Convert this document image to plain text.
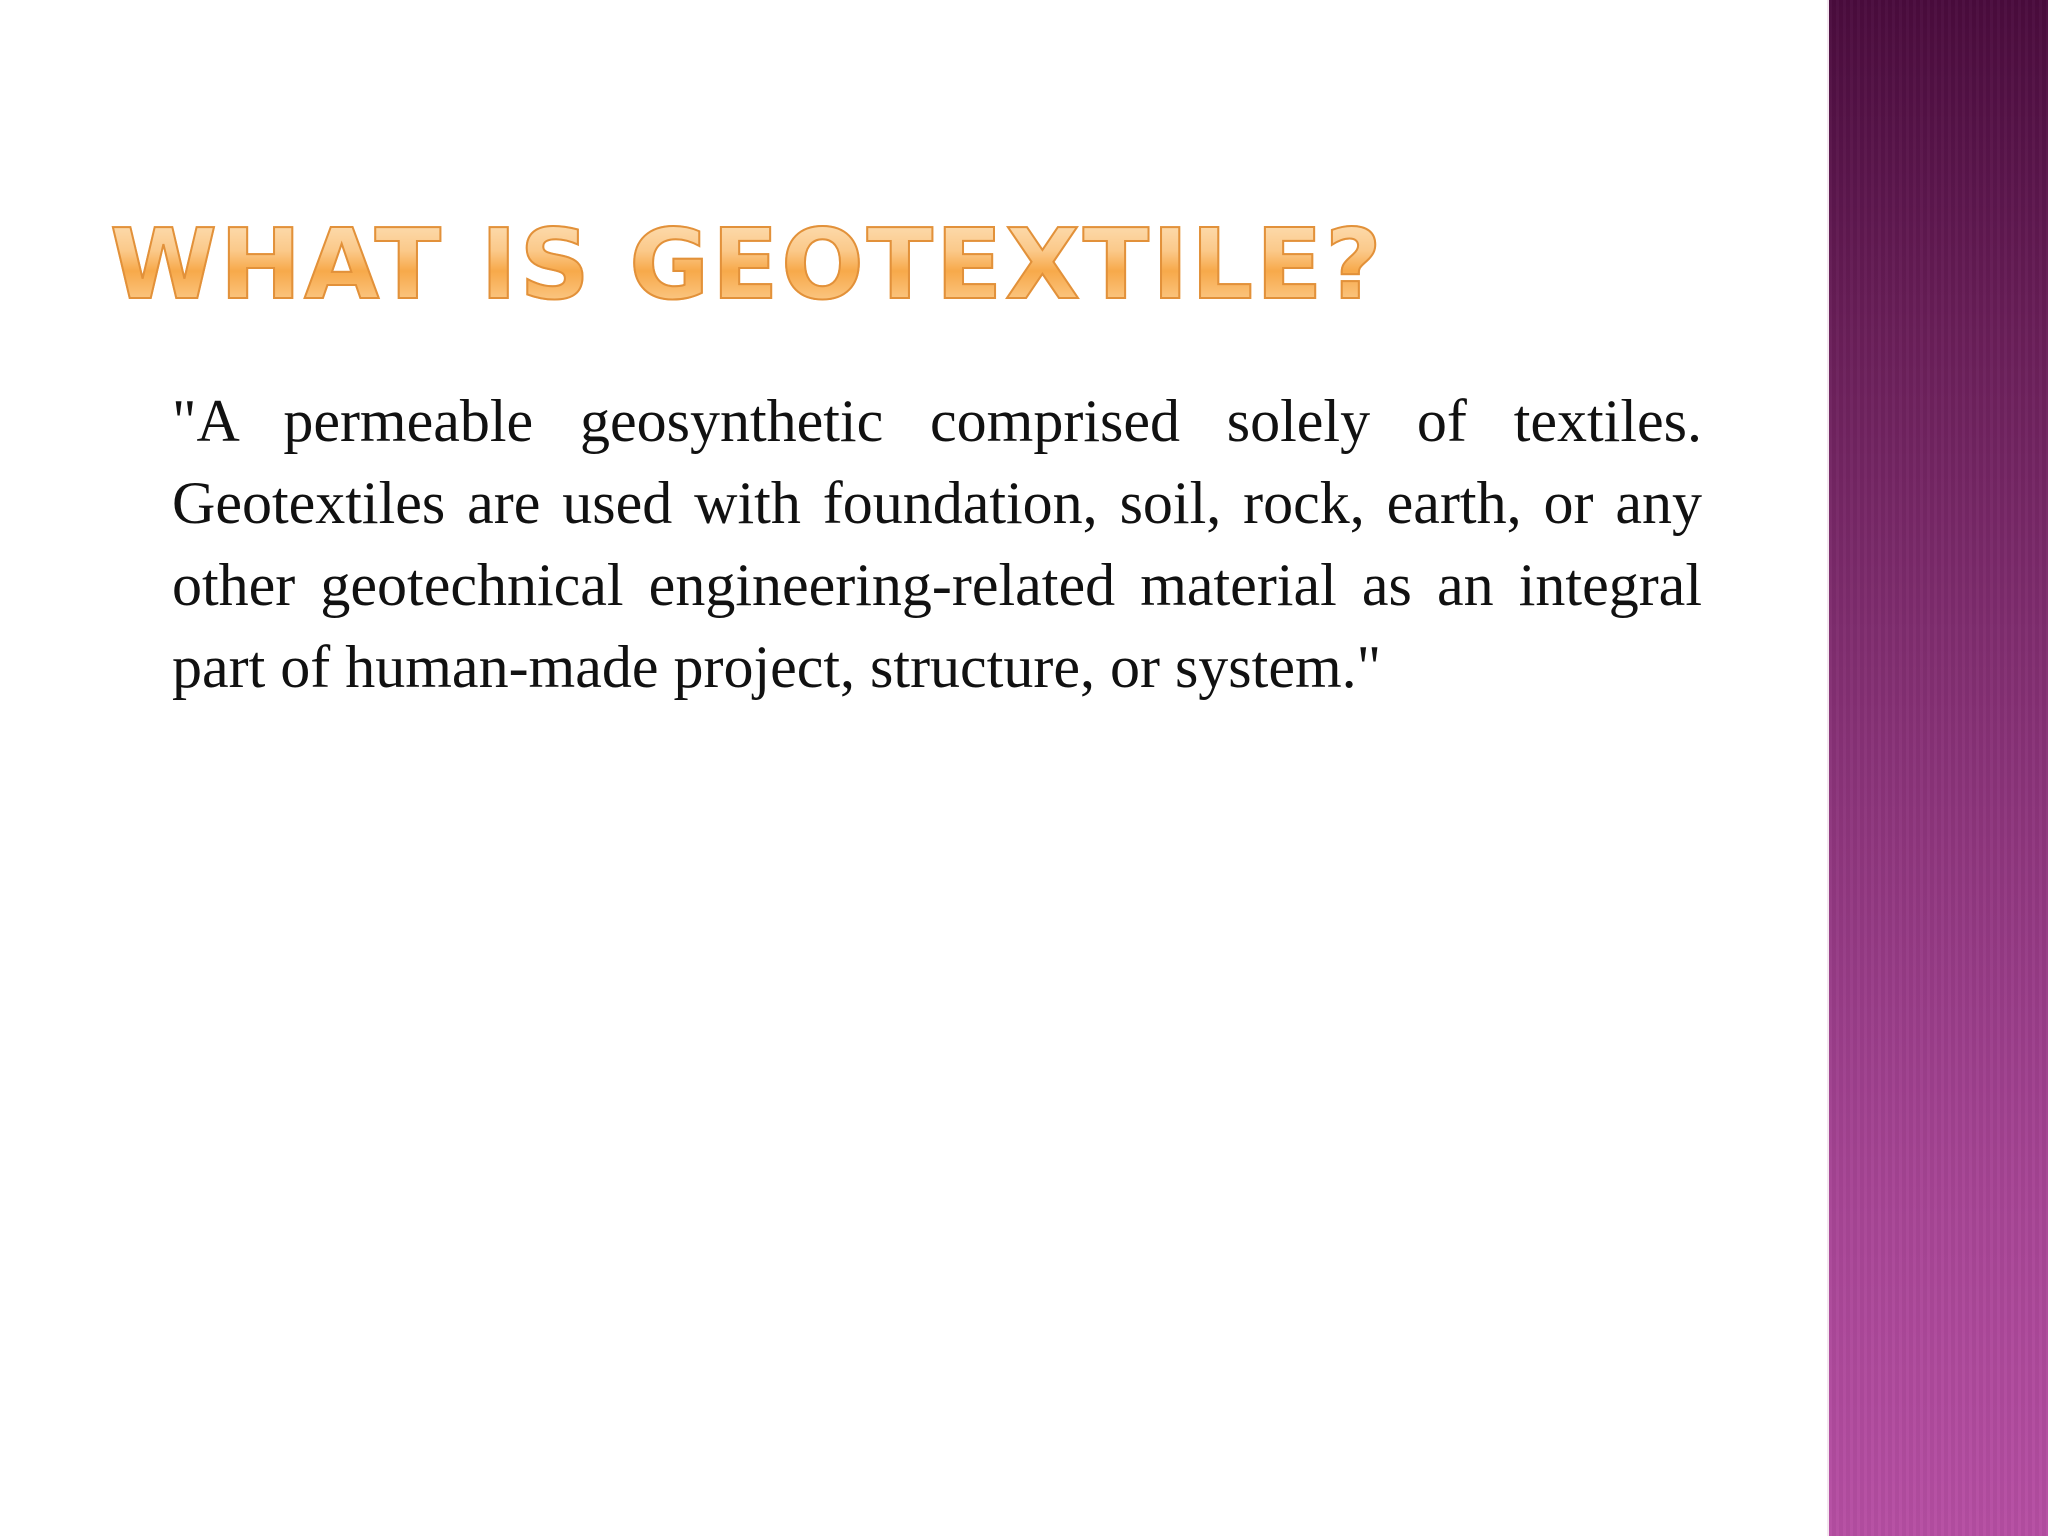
WHAT IS GEOTEXTILE?

"A permeable geosynthetic comprised solely of textiles. Geotextiles are used with foundation, soil, rock, earth, or any other geotechnical engineering-related material as an integral part of human-made project, structure, or system."
